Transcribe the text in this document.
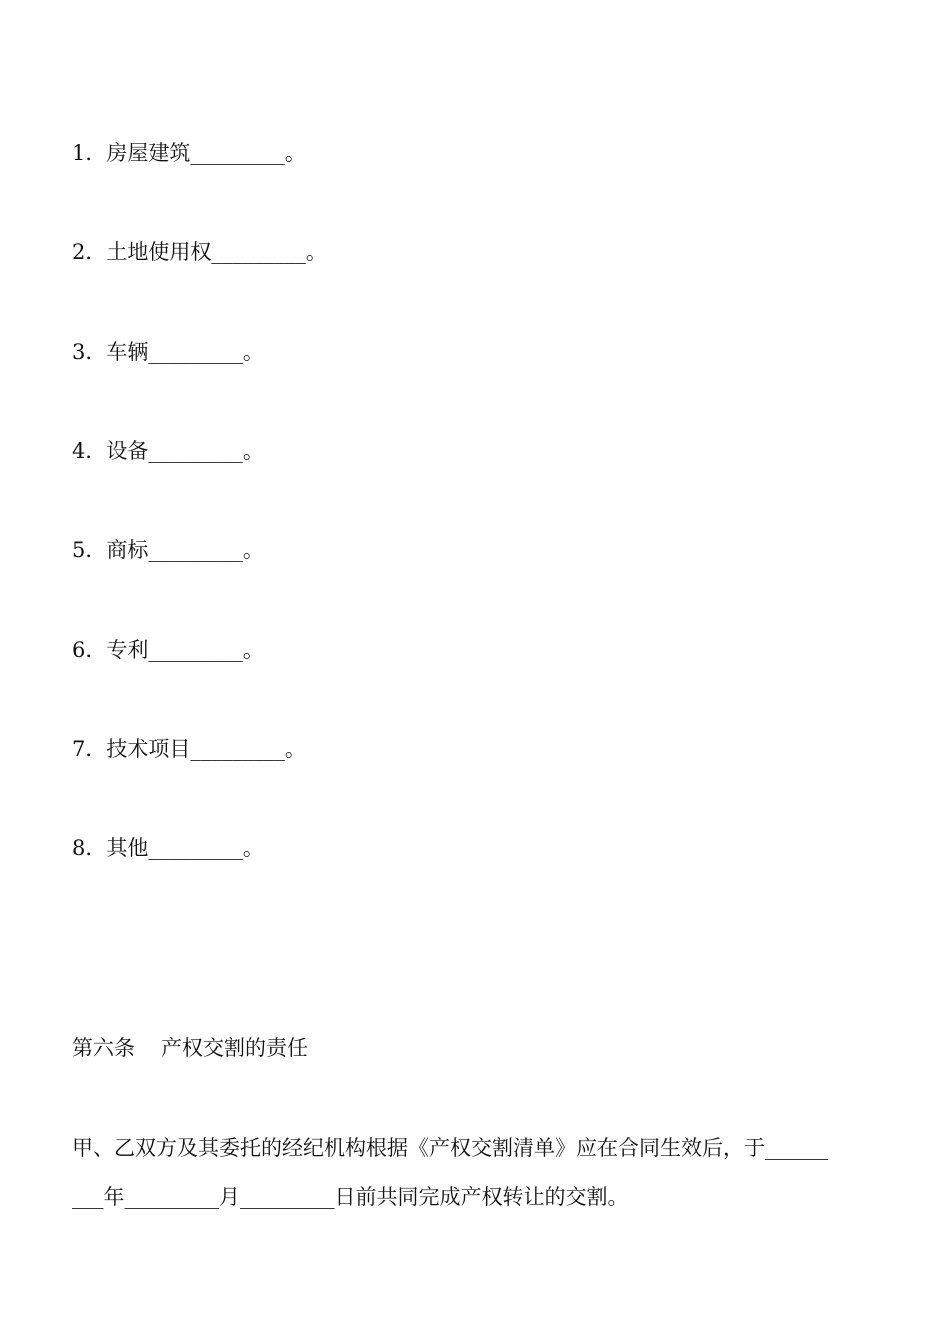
1．房屋建筑_________。
2．土地使用权_________。
3．车辆_________。
4．设备_________。
5．商标_________。
6．专利_________。
7．技术项目_________。
8．其他_________。
第六条 产权交割的责任
甲、乙双方及其委托的经纪机构根据《产权交割清单》应在合同生效后，于______
___年_________月_________日前共同完成产权转让的交割。
